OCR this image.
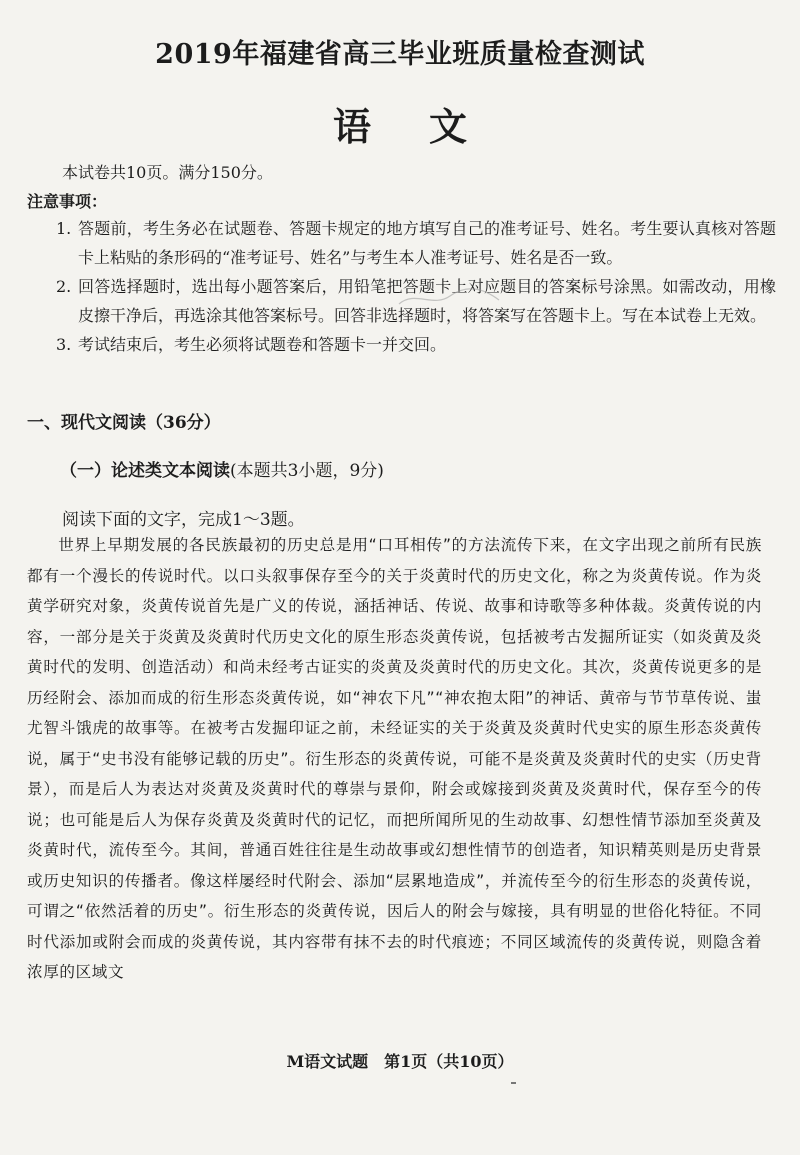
2019年福建省高三毕业班质量检查测试
语文
本试卷共10页。满分150分。
注意事项：
1. 答题前，考生务必在试题卷、答题卡规定的地方填写自己的准考证号、姓名。考生要认真核对答题卡上粘贴的条形码的“准考证号、姓名”与考生本人准考证号、姓名是否一致。
2. 回答选择题时，选出每小题答案后，用铅笔把答题卡上对应题目的答案标号涂黑。如需改动，用橡皮擦干净后，再选涂其他答案标号。回答非选择题时，将答案写在答题卡上。写在本试卷上无效。
3. 考试结束后，考生必须将试题卷和答题卡一并交回。
一、现代文阅读（36分）
（一）论述类文本阅读(本题共3小题，9分)
阅读下面的文字，完成1～3题。

世界上早期发展的各民族最初的历史总是用“口耳相传”的方法流传下来，在文字出现之前所有民族都有一个漫长的传说时代。以口头叙事保存至今的关于炎黄时代的历史文化，称之为炎黄传说。作为炎黄学研究对象，炎黄传说首先是广义的传说，涵括神话、传说、故事和诗歌等多种体裁。炎黄传说的内容，一部分是关于炎黄及炎黄时代历史文化的原生形态炎黄传说，包括被考古发掘所证实（如炎黄及炎黄时代的发明、创造活动）和尚未经考古证实的炎黄及炎黄时代的历史文化。其次，炎黄传说更多的是历经附会、添加而成的衍生形态炎黄传说，如“神农下凡”“神农抱太阳”的神话、黄帝与节节草传说、蚩尤智斗饿虎的故事等。在被考古发掘印证之前，未经证实的关于炎黄及炎黄时代史实的原生形态炎黄传说，属于“史书没有能够记载的历史”。衍生形态的炎黄传说，可能不是炎黄及炎黄时代的史实（历史背景），而是后人为表达对炎黄及炎黄时代的尊崇与景仰，附会或嫁接到炎黄及炎黄时代，保存至今的传说；也可能是后人为保存炎黄及炎黄时代的记忆，而把所闻所见的生动故事、幻想性情节添加至炎黄及炎黄时代，流传至今。其间，普通百姓往往是生动故事或幻想性情节的创造者，知识精英则是历史背景或历史知识的传播者。像这样屡经时代附会、添加“层累地造成”，并流传至今的衍生形态的炎黄传说，可谓之“依然活着的历史”。衍生形态的炎黄传说，因后人的附会与嫁接，具有明显的世俗化特征。不同时代添加或附会而成的炎黄传说，其内容带有抹不去的时代痕迹；不同区域流传的炎黄传说，则隐含着浓厚的区域文

M语文试题　第1页（共10页）
